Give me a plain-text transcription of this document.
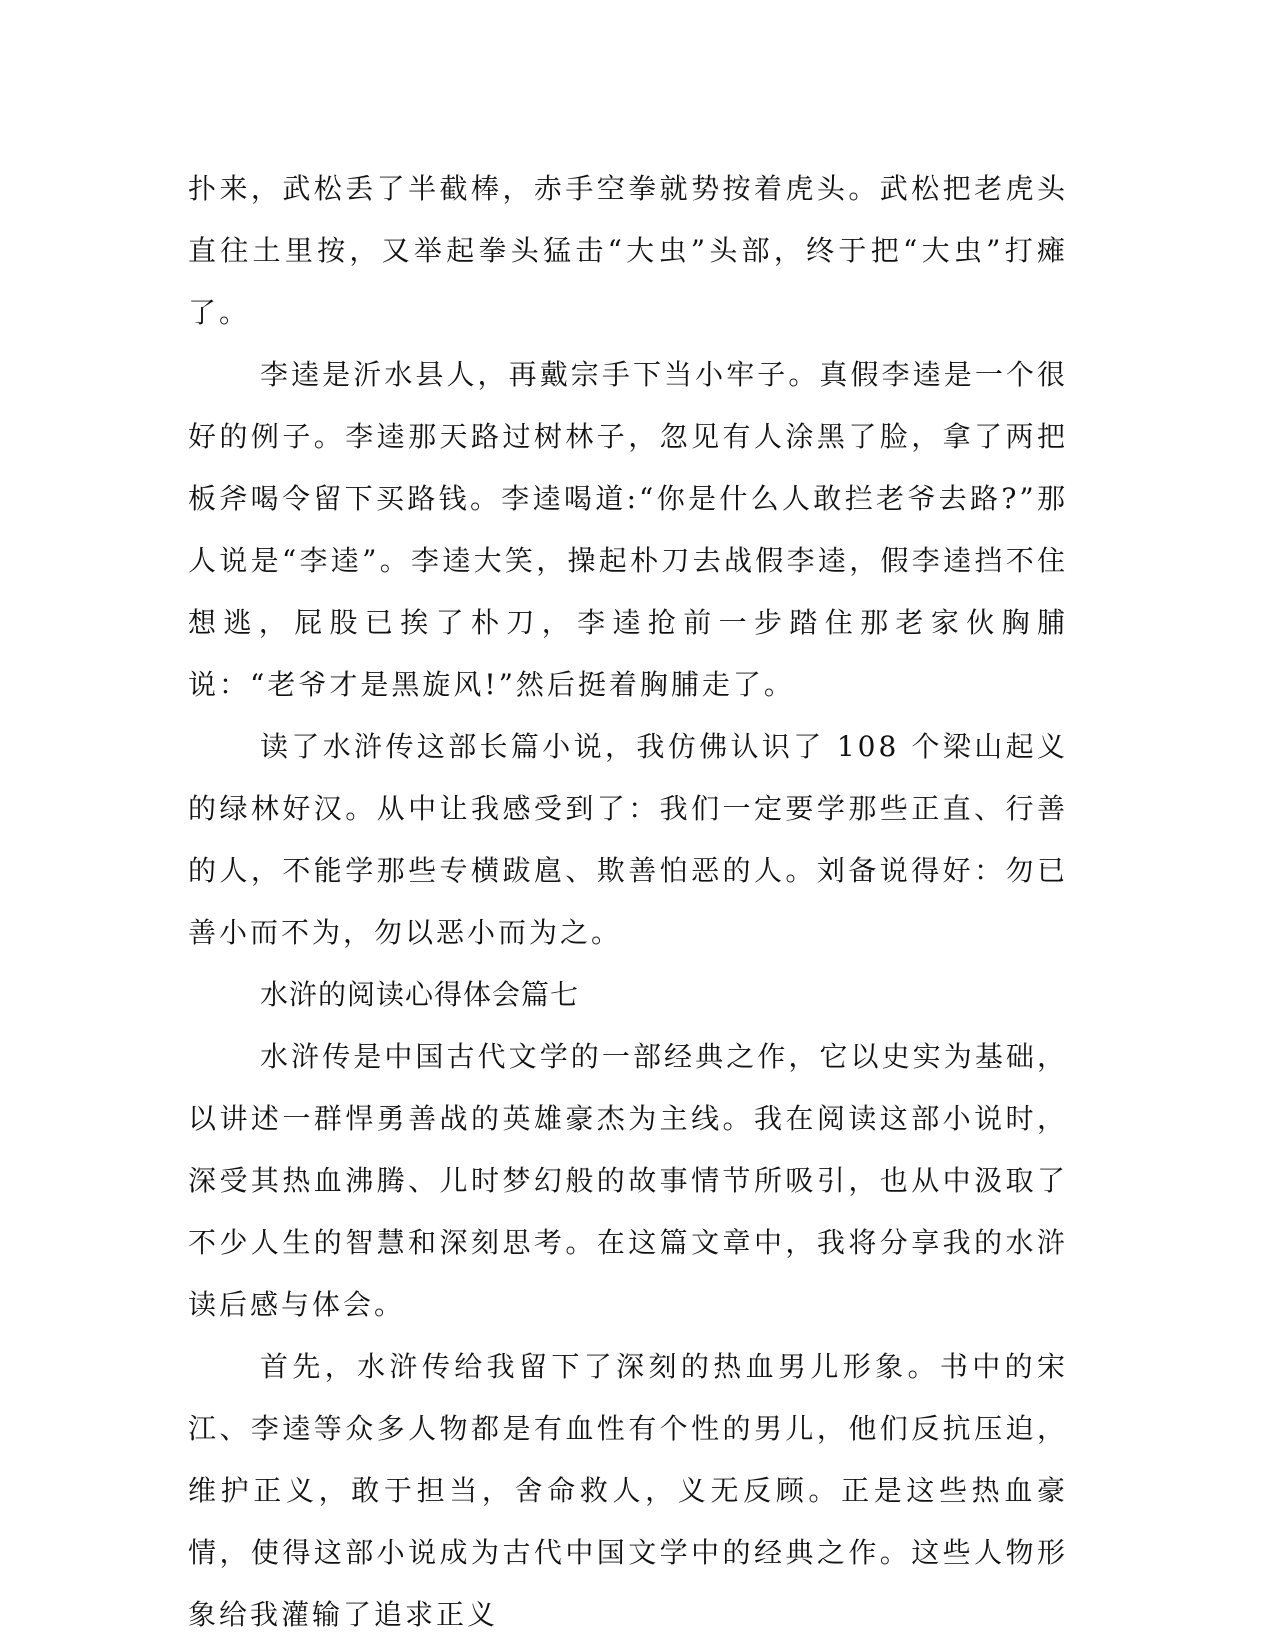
扑来，武松丢了半截棒，赤手空拳就势按着虎头。武松把老虎头直往土里按，又举起拳头猛击“大虫”头部，终于把“大虫”打瘫了。

李逵是沂水县人，再戴宗手下当小牢子。真假李逵是一个很好的例子。李逵那天路过树林子，忽见有人涂黑了脸，拿了两把板斧喝令留下买路钱。李逵喝道:“你是什么人敢拦老爷去路?”那人说是“李逵”。李逵大笑，操起朴刀去战假李逵，假李逵挡不住想逃，屁股已挨了朴刀，李逵抢前一步踏住那老家伙胸脯说：“老爷才是黑旋风!”然后挺着胸脯走了。

读了水浒传这部长篇小说，我仿佛认识了 108 个梁山起义的绿林好汉。从中让我感受到了：我们一定要学那些正直、行善的人，不能学那些专横跋扈、欺善怕恶的人。刘备说得好：勿已善小而不为，勿以恶小而为之。

水浒的阅读心得体会篇七

水浒传是中国古代文学的一部经典之作，它以史实为基础，以讲述一群悍勇善战的英雄豪杰为主线。我在阅读这部小说时，深受其热血沸腾、儿时梦幻般的故事情节所吸引，也从中汲取了不少人生的智慧和深刻思考。在这篇文章中，我将分享我的水浒读后感与体会。

首先，水浒传给我留下了深刻的热血男儿形象。书中的宋江、李逵等众多人物都是有血性有个性的男儿，他们反抗压迫，维护正义，敢于担当，舍命救人，义无反顾。正是这些热血豪情，使得这部小说成为古代中国文学中的经典之作。这些人物形象给我灌输了追求正义
